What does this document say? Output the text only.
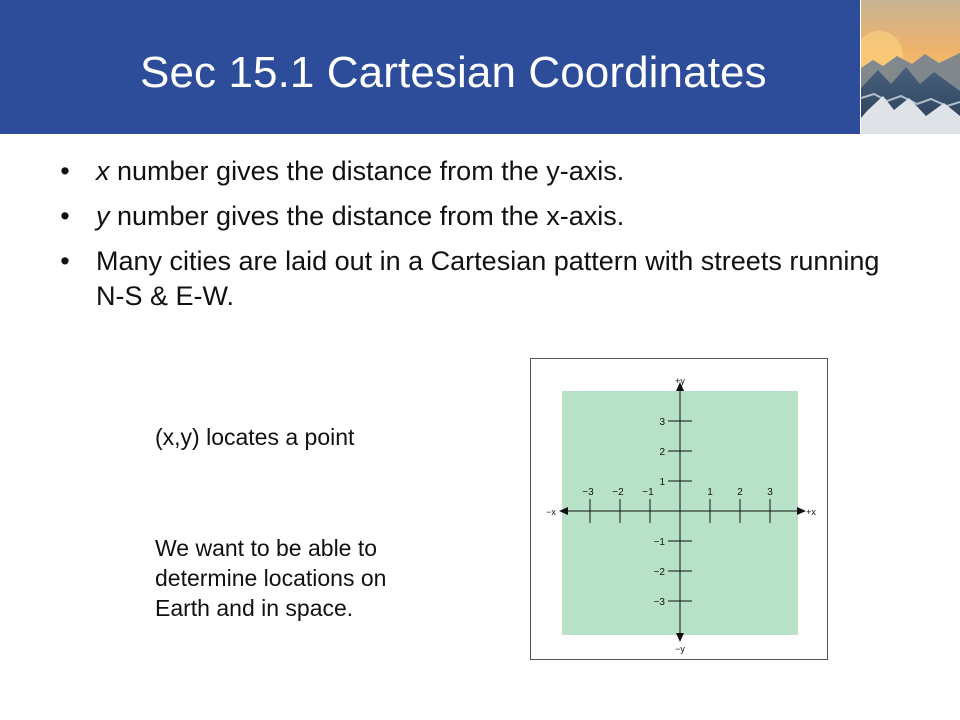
Sec 15.1 Cartesian Coordinates
• x number gives the distance from the y-axis.
• y number gives the distance from the x-axis.
• Many cities are laid out in a Cartesian pattern with streets running N-S & E-W.
(x,y) locates a point
We want to be able to
determine locations on
Earth and in space.
+y
−y
−x	+x
−3 −2 −1	1 2 3
3
2
1
−1
−2
−3
